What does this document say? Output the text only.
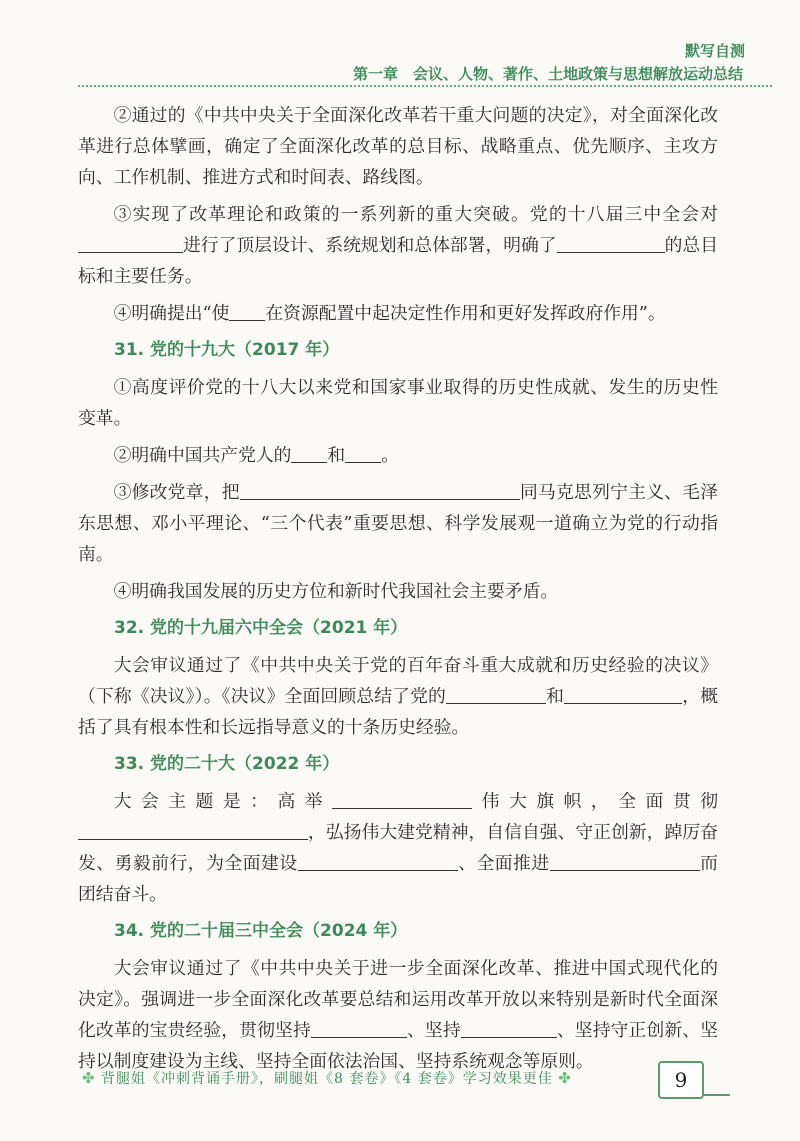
默写自测
第一章　会议、人物、著作、土地政策与思想解放运动总结

②通过的《中共中央关于全面深化改革若干重大问题的决定》，对全面深化改革进行总体擘画，确定了全面深化改革的总目标、战略重点、优先顺序、主攻方向、工作机制、推进方式和时间表、路线图。

③实现了改革理论和政策的一系列新的重大突破。党的十八届三中全会对进行了顶层设计、系统规划和总体部署，明确了	的总目标和主要任务。

④明确提出“使 在资源配置中起决定性作用和更好发挥政府作用”。

31. 党的十九大（2017 年）

①高度评价党的十八大以来党和国家事业取得的历史性成就、发生的历史性变革。

②明确中国共产党人的 和 。

③修改党章，把	同马克思列宁主义、毛泽东思想、邓小平理论、“三个代表”重要思想、科学发展观一道确立为党的行动指南。

④明确我国发展的历史方位和新时代我国社会主要矛盾。

32. 党的十九届六中全会（2021 年）

大会审议通过了《中共中央关于党的百年奋斗重大成就和历史经验的决议》（下称《决议》）。《决议》全面回顾总结了党的	和	，概括了具有根本性和长远指导意义的十条历史经验。

33. 党的二十大（2022 年）

大会主题是：高举	伟大旗帜，全面贯彻，弘扬伟大建党精神，自信自强、守正创新，踔厉奋发、勇毅前行，为全面建设	、全面推进	而团结奋斗。

34. 党的二十届三中全会（2024 年）

大会审议通过了《中共中央关于进一步全面深化改革、推进中国式现代化的决定》。强调进一步全面深化改革要总结和运用改革开放以来特别是新时代全面深化改革的宝贵经验，贯彻坚持	、坚持	、坚持守正创新、坚持以制度建设为主线、坚持全面依法治国、坚持系统观念等原则。

✤ 背腿姐《冲刺背诵手册》，刷腿姐《8 套卷》《4 套卷》学习效果更佳 ✤	9
